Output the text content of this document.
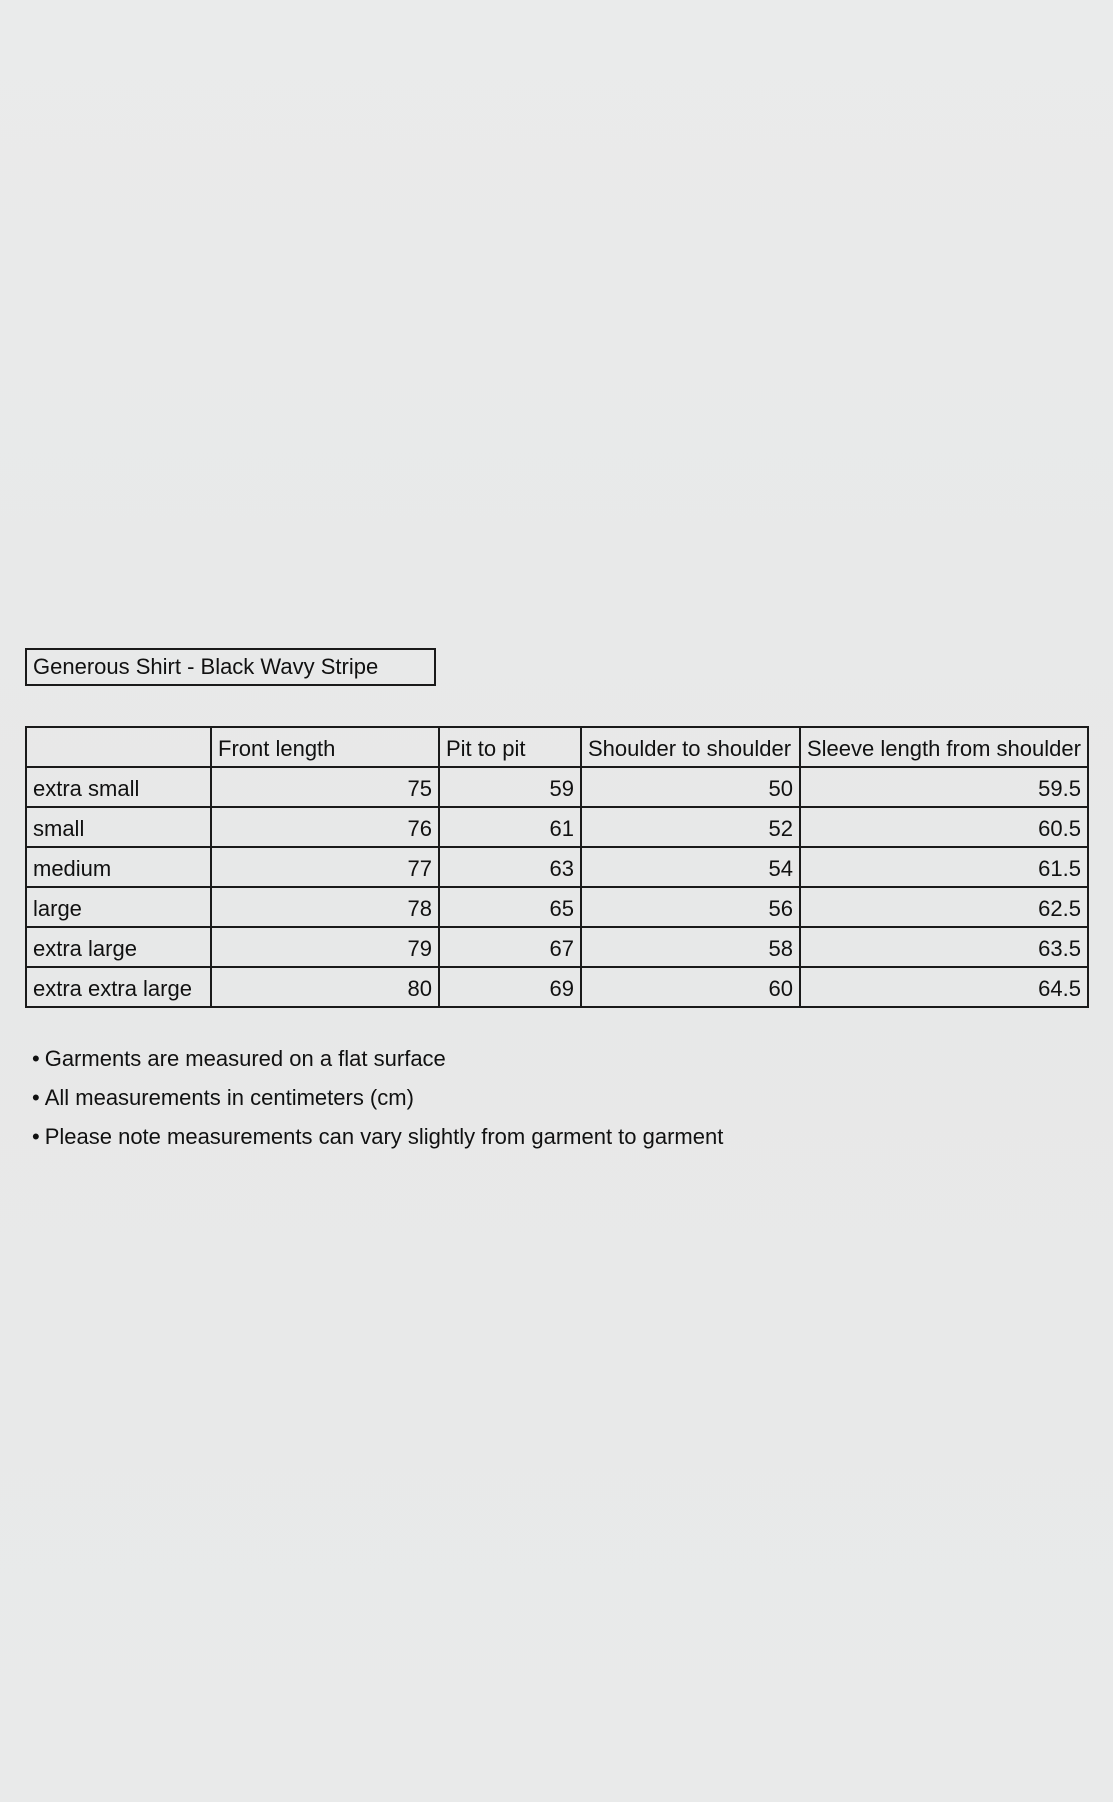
Generous Shirt - Black Wavy Stripe
	Front length	Pit to pit	Shoulder to shoulder	Sleeve length from shoulder
extra small	75	59	50	59.5
small	76	61	52	60.5
medium	77	63	54	61.5
large	78	65	56	62.5
extra large	79	67	58	63.5
extra extra large	80	69	60	64.5
• Garments are measured on a flat surface
• All measurements in centimeters (cm)
• Please note measurements can vary slightly from garment to garment
